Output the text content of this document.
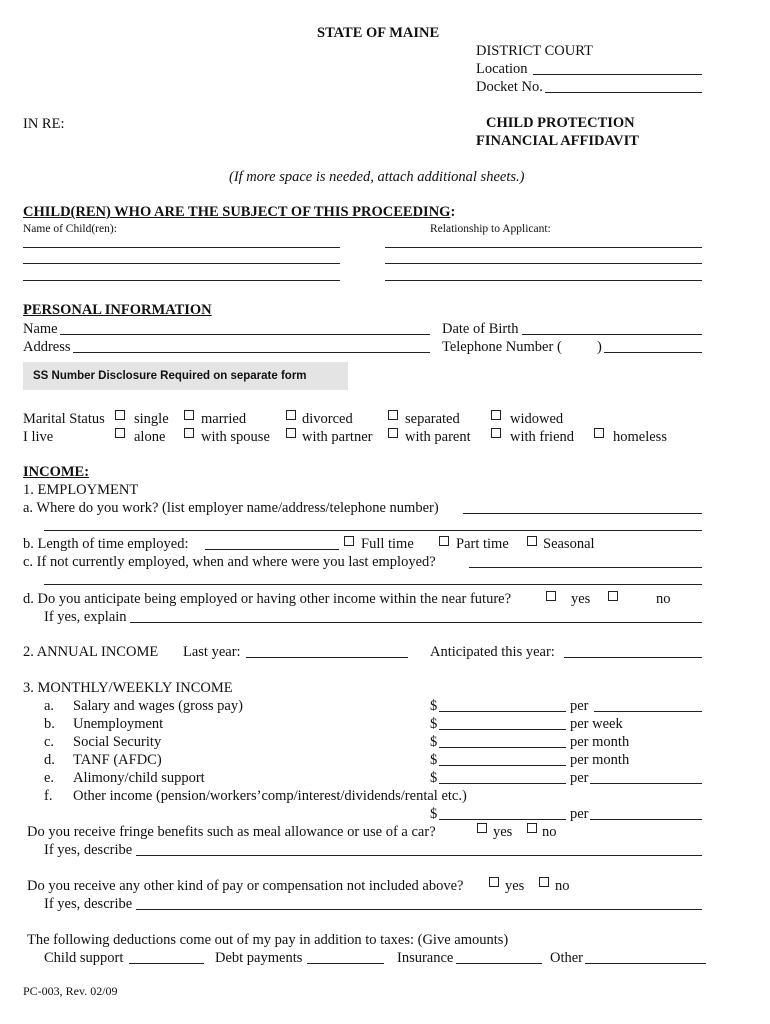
STATE OF MAINE
DISTRICT COURT
Location
Docket No.
IN RE:	CHILD PROTECTION
FINANCIAL AFFIDAVIT
(If more space is needed, attach additional sheets.)
CHILD(REN) WHO ARE THE SUBJECT OF THIS PROCEEDING:
Name of Child(ren):	Relationship to Applicant:
PERSONAL INFORMATION
Name	Date of Birth
Address	Telephone Number ( )
SS Number Disclosure Required on separate form
Marital Status single married	divorced	separated	widowed
I live	alone with spouse with partner with parent	with friend	homeless
INCOME:
1. EMPLOYMENT
a. Where do you work? (list employer name/address/telephone number)
b. Length of time employed:	Full time	Part time Seasonal
c. If not currently employed, when and where were you last employed?
d. Do you anticipate being employed or having other income within the near future?	yes	no
If yes, explain
2. ANNUAL INCOME Last year:	Anticipated this year:
3. MONTHLY/WEEKLY INCOME
a. Salary and wages (gross pay)	$	per
b. Unemployment	$	per week
c. Social Security	$	per month
d. TANF (AFDC)	$	per month
e. Alimony/child support	$	per
f. Other income (pension/workers’comp/interest/dividends/rental etc.)
$	per
Do you receive fringe benefits such as meal allowance or use of a car?	yes no
If yes, describe
Do you receive any other kind of pay or compensation not included above?	yes no
If yes, describe
The following deductions come out of my pay in addition to taxes: (Give amounts)
Child support	Debt payments	Insurance	Other
PC-003, Rev. 02/09
